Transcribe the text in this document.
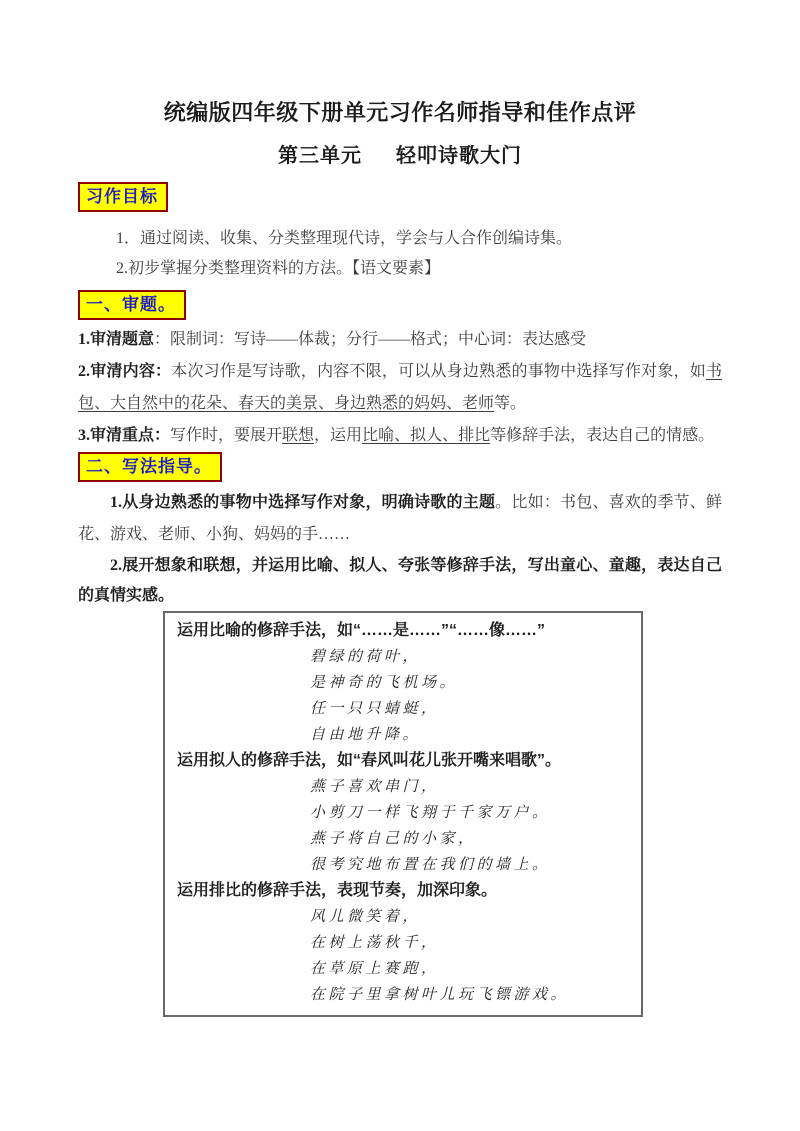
统编版四年级下册单元习作名师指导和佳作点评
第三单元 轻叩诗歌大门
习作目标
1．通过阅读、收集、分类整理现代诗，学会与人合作创编诗集。
2.初步掌握分类整理资料的方法。【语文要素】
一、审题。

1.审清题意：限制词：写诗——体裁；分行——格式；中心词：表达感受

2.审清内容：本次习作是写诗歌，内容不限，可以从身边熟悉的事物中选择写作对象，如书包、大自然中的花朵、春天的美景、身边熟悉的妈妈、老师等。

3.审清重点：写作时，要展开联想，运用比喻、拟人、排比等修辞手法，表达自己的情感。

二、写法指导。

1.从身边熟悉的事物中选择写作对象，明确诗歌的主题。比如：书包、喜欢的季节、鲜花、游戏、老师、小狗、妈妈的手……

2.展开想象和联想，并运用比喻、拟人、夸张等修辞手法，写出童心、童趣，表达自己的真情实感。

运用比喻的修辞手法，如“……是……”“……像……”

碧绿的荷叶，

是神奇的飞机场。

任一只只蜻蜓，

自由地升降。

运用拟人的修辞手法，如“春风叫花儿张开嘴来唱歌”。

燕子喜欢串门，

小剪刀一样飞翔于千家万户。

燕子将自己的小家，

很考究地布置在我们的墙上。

运用排比的修辞手法，表现节奏，加深印象。

风儿微笑着，

在树上荡秋千，

在草原上赛跑，

在院子里拿树叶儿玩飞镖游戏。
